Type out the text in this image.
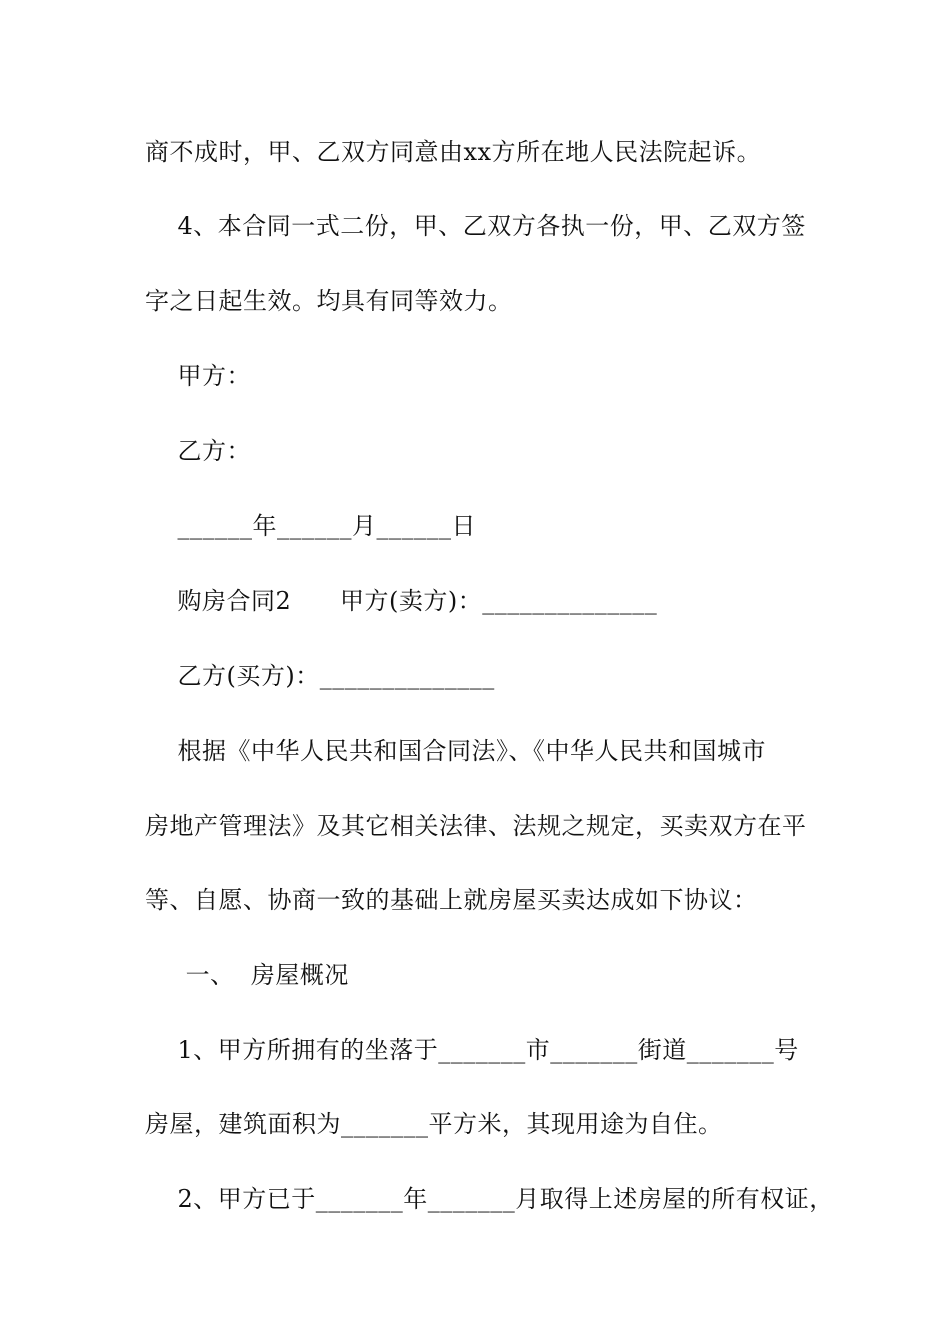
商不成时，甲、乙双方同意由xx方所在地人民法院起诉。
4、本合同一式二份，甲、乙双方各执一份，甲、乙双方签
字之日起生效。均具有同等效力。
甲方：
乙方：
______年______月______日
购房合同2      甲方(卖方)：______________
乙方(买方)：______________
根据《中华人民共和国合同法》、《中华人民共和国城市
房地产管理法》及其它相关法律、法规之规定，买卖双方在平
等、自愿、协商一致的基础上就房屋买卖达成如下协议：
一、  房屋概况
1、甲方所拥有的坐落于_______市_______街道_______号
房屋，建筑面积为_______平方米，其现用途为自住。
2、甲方已于_______年_______月取得上述房屋的所有权证，
